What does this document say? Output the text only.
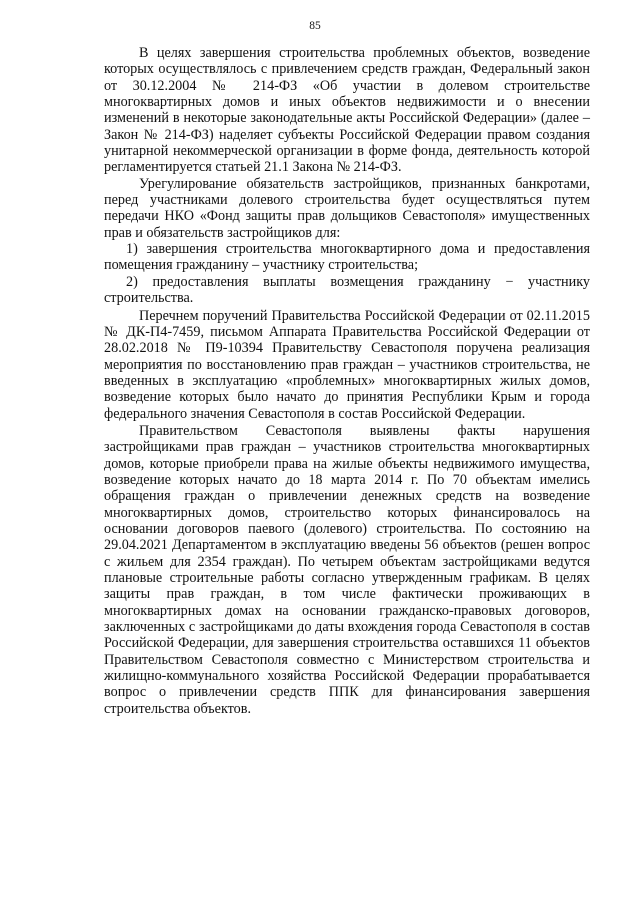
85

В целях завершения строительства проблемных объектов, возведение которых осуществлялось с привлечением средств граждан, Федеральный закон от 30.12.2004 № 214-ФЗ «Об участии в долевом строительстве многоквартирных домов и иных объектов недвижимости и о внесении изменений в некоторые законодательные акты Российской Федерации» (далее – Закон № 214-ФЗ) наделяет субъекты Российской Федерации правом создания унитарной некоммерческой организации в форме фонда, деятельность которой регламентируется статьей 21.1 Закона № 214-ФЗ.

Урегулирование обязательств застройщиков, признанных банкротами, перед участниками долевого строительства будет осуществляться путем передачи НКО «Фонд защиты прав дольщиков Севастополя» имущественных прав и обязательств застройщиков для:

1) завершения строительства многоквартирного дома и предоставления помещения гражданину – участнику строительства;

2) предоставления выплаты возмещения гражданину − участнику строительства.

Перечнем поручений Правительства Российской Федерации от 02.11.2015 № ДК-П4-7459, письмом Аппарата Правительства Российской Федерации от 28.02.2018 № П9-10394 Правительству Севастополя поручена реализация мероприятия по восстановлению прав граждан – участников строительства, не введенных в эксплуатацию «проблемных» многоквартирных жилых домов, возведение которых было начато до принятия Республики Крым и города федерального значения Севастополя в состав Российской Федерации.

Правительством Севастополя выявлены факты нарушения застройщиками прав граждан – участников строительства многоквартирных домов, которые приобрели права на жилые объекты недвижимого имущества, возведение которых начато до 18 марта 2014 г. По 70 объектам имелись обращения граждан о привлечении денежных средств на возведение многоквартирных домов, строительство которых финансировалось на основании договоров паевого (долевого) строительства. По состоянию на 29.04.2021 Департаментом в эксплуатацию введены 56 объектов (решен вопрос с жильем для 2354 граждан). По четырем объектам застройщиками ведутся плановые строительные работы согласно утвержденным графикам. В целях защиты прав граждан, в том числе фактически проживающих в многоквартирных домах на основании гражданско-правовых договоров, заключенных с застройщиками до даты вхождения города Севастополя в состав Российской Федерации, для завершения строительства оставшихся 11 объектов Правительством Севастополя совместно с Министерством строительства и жилищно-коммунального хозяйства Российской Федерации прорабатывается вопрос о привлечении средств ППК для финансирования завершения строительства объектов.
